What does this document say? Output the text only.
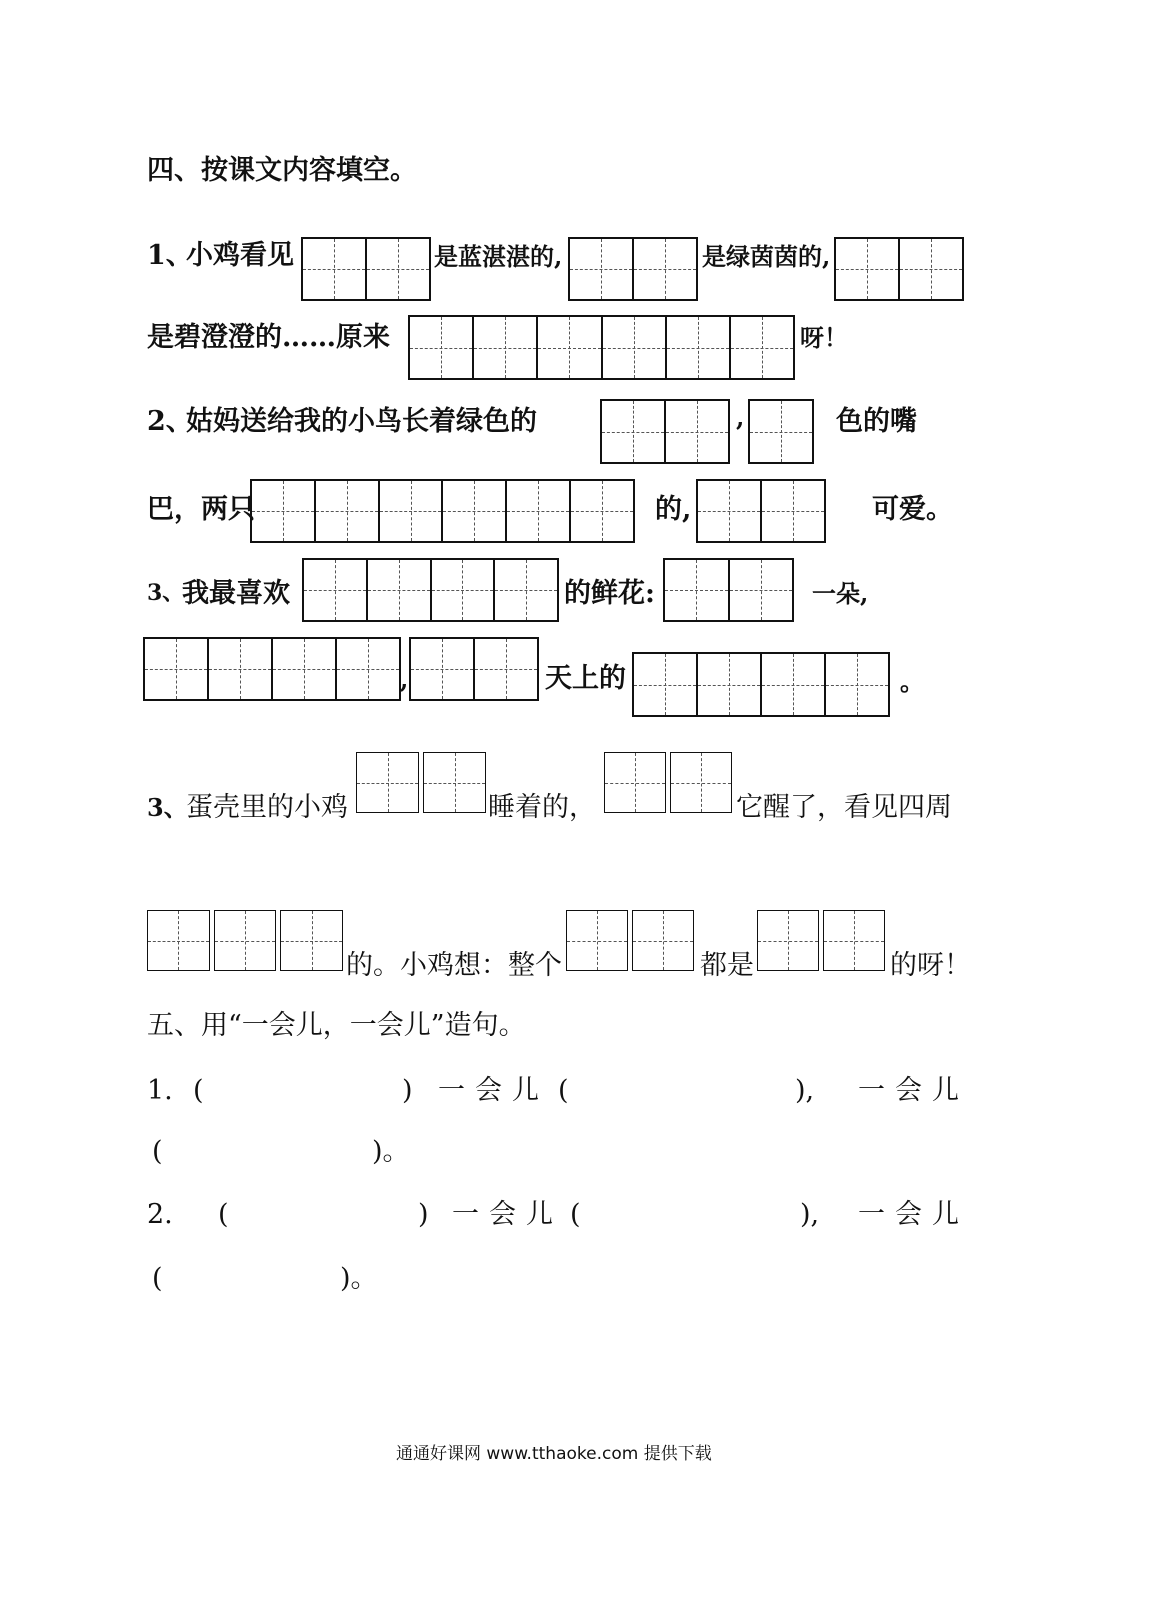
四、按课文内容填空。
1、
小鸡看见	是蓝湛湛的,	是绿茵茵的,
是碧澄澄的……原来	呀！
2、
姑妈送给我的小鸟长着绿色的	,	色的嘴
巴，两只	的,	可爱。
3、
我最喜欢	的鲜花:	一朵,
,	天上的	。
3、
蛋壳里的小鸡	睡着的，	它醒了，看见四周
的。小鸡想：整个	都是	的呀！
五、用“一会儿，一会儿”造句。
1. (	) 一 会 儿 (	), 一 会 儿
(	)。
2. (	) 一 会 儿 (	), 一 会 儿
(	)。
通通好课网 www.tthaoke.com 提供下载
